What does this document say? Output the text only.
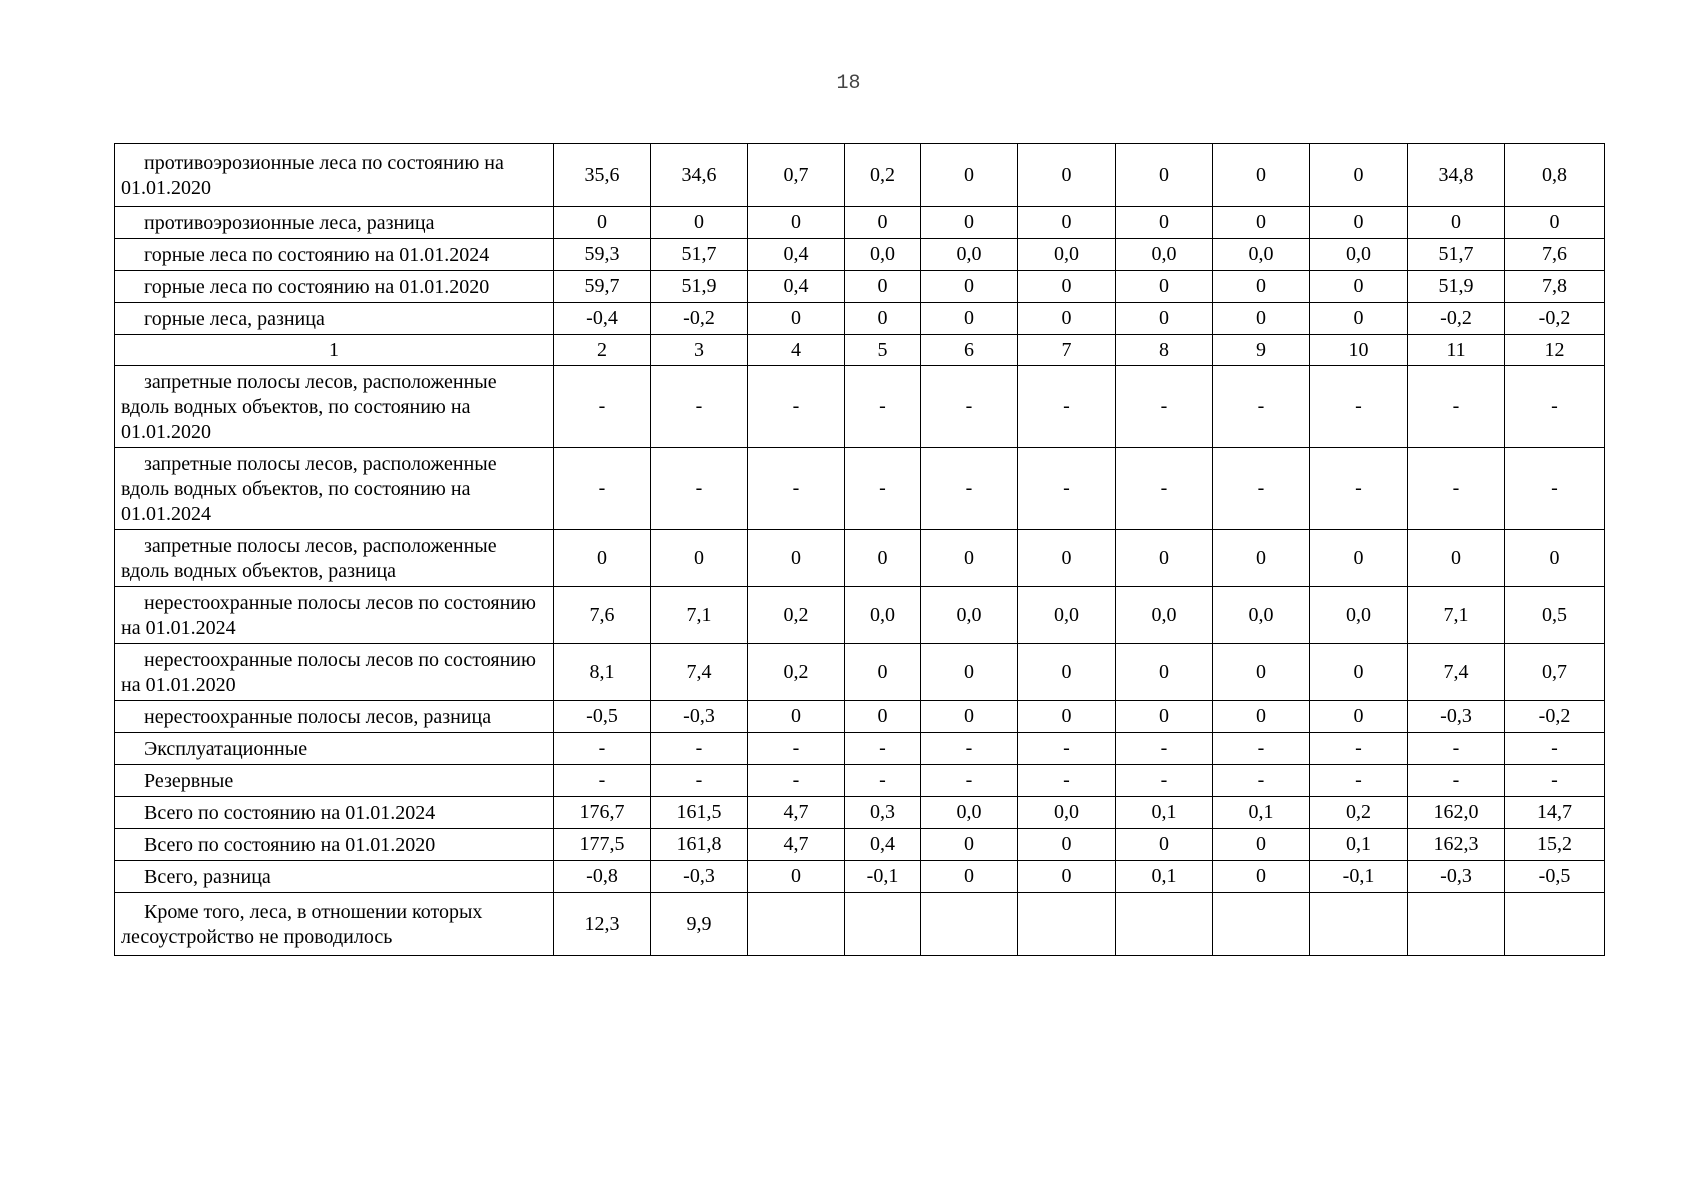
18
противоэрозионные леса по состоянию на 01.01.2020	35,6	34,6	0,7	0,2	0	0	0	0	0	34,8	0,8

противоэрозионные леса, разница	0	0	0	0	0	0	0	0	0	0	0

горные леса по состоянию на 01.01.2024	59,3	51,7	0,4	0,0	0,0	0,0	0,0	0,0	0,0	51,7	7,6

горные леса по состоянию на 01.01.2020	59,7	51,9	0,4	0	0	0	0	0	0	51,9	7,8

горные леса, разница	-0,4	-0,2	0	0	0	0	0	0	0	-0,2	-0,2
1	2	3	4	5	6	7	8	9	10	11	12

запретные полосы лесов, расположенные вдоль водных объектов, по состоянию на 01.01.2020	-	-	-	-	-	-	-	-	-	-	-

запретные полосы лесов, расположенные вдоль водных объектов, по состоянию на 01.01.2024	-	-	-	-	-	-	-	-	-	-	-

запретные полосы лесов, расположенные вдоль водных объектов, разница	0	0	0	0	0	0	0	0	0	0	0

нерестоохранные полосы лесов по состоянию на 01.01.2024	7,6	7,1	0,2	0,0	0,0	0,0	0,0	0,0	0,0	7,1	0,5

нерестоохранные полосы лесов по состоянию на 01.01.2020	8,1	7,4	0,2	0	0	0	0	0	0	7,4	0,7

нерестоохранные полосы лесов, разница	-0,5	-0,3	0	0	0	0	0	0	0	-0,3	-0,2

Эксплуатационные	-	-	-	-	-	-	-	-	-	-	-

Резервные	-	-	-	-	-	-	-	-	-	-	-

Всего по состоянию на 01.01.2024	176,7	161,5	4,7	0,3	0,0	0,0	0,1	0,1	0,2	162,0	14,7

Всего по состоянию на 01.01.2020	177,5	161,8	4,7	0,4	0	0	0	0	0,1	162,3	15,2

Всего, разница	-0,8	-0,3	0	-0,1	0	0	0,1	0	-0,1	-0,3	-0,5

Кроме того, леса, в отношении которых лесоустройство не проводилось	12,3	9,9									
